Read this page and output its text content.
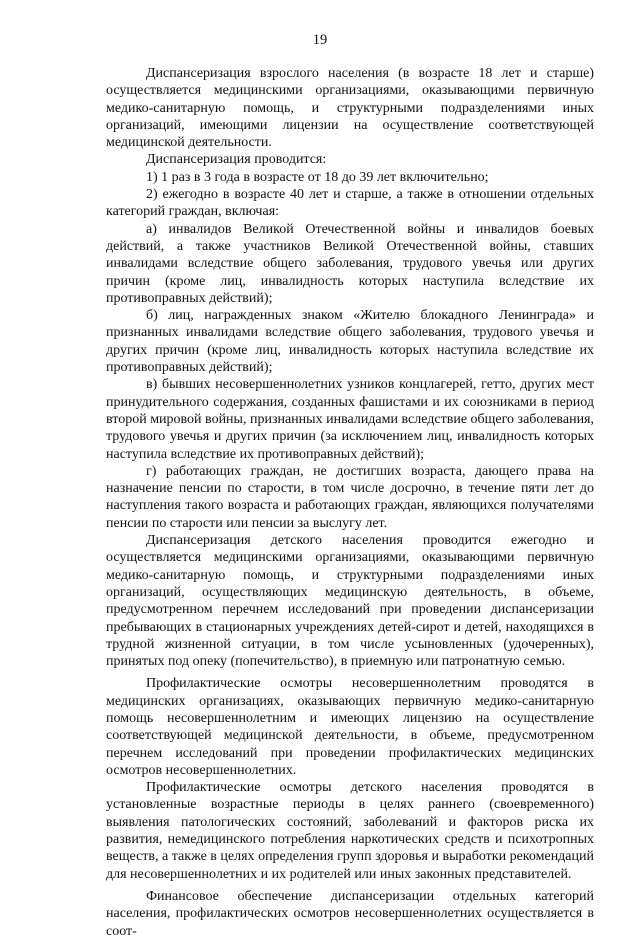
19

Диспансеризация взрослого населения (в возрасте 18 лет и старше) осуществляется медицинскими организациями, оказывающими первичную медико-санитарную помощь, и структурными подразделениями иных организаций, имеющими лицензии на осуществление соответствующей медицинской деятельности.

Диспансеризация проводится:

1) 1 раз в 3 года в возрасте от 18 до 39 лет включительно;

2) ежегодно в возрасте 40 лет и старше, а также в отношении отдельных категорий граждан, включая:

а) инвалидов Великой Отечественной войны и инвалидов боевых действий, а также участников Великой Отечественной войны, ставших инвалидами вследствие общего заболевания, трудового увечья или других причин (кроме лиц, инвалидность которых наступила вследствие их противоправных действий);

б) лиц, награжденных знаком «Жителю блокадного Ленинграда» и признанных инвалидами вследствие общего заболевания, трудового увечья и других причин (кроме лиц, инвалидность которых наступила вследствие их противоправных действий);

в) бывших несовершеннолетних узников концлагерей, гетто, других мест принудительного содержания, созданных фашистами и их союзниками в период второй мировой войны, признанных инвалидами вследствие общего заболевания, трудового увечья и других причин (за исключением лиц, инвалидность которых наступила вследствие их противоправных действий);

г) работающих граждан, не достигших возраста, дающего права на назначение пенсии по старости, в том числе досрочно, в течение пяти лет до наступления такого возраста и работающих граждан, являющихся получателями пенсии по старости или пенсии за выслугу лет.

Диспансеризация детского населения проводится ежегодно и осуществляется медицинскими организациями, оказывающими первичную медико-санитарную помощь, и структурными подразделениями иных организаций, осуществляющих медицинскую деятельность, в объеме, предусмотренном перечнем исследований при проведении диспансеризации пребывающих в стационарных учреждениях детей-сирот и детей, находящихся в трудной жизненной ситуации, в том числе усыновленных (удочеренных), принятых под опеку (попечительство), в приемную или патронатную семью.

Профилактические осмотры несовершеннолетним проводятся в медицинских организациях, оказывающих первичную медико-санитарную помощь несовершеннолетним и имеющих лицензию на осуществление соответствующей медицинской деятельности, в объеме, предусмотренном перечнем исследований при проведении профилактических медицинских осмотров несовершеннолетних.

Профилактические осмотры детского населения проводятся в установленные возрастные периоды в целях раннего (своевременного) выявления патологических состояний, заболеваний и факторов риска их развития, немедицинского потребления наркотических средств и психотропных веществ, а также в целях определения групп здоровья и выработки рекомендаций для несовершеннолетних и их родителей или иных законных представителей.

Финансовое обеспечение диспансеризации отдельных категорий населения, профилактических осмотров несовершеннолетних осуществляется в соот-
